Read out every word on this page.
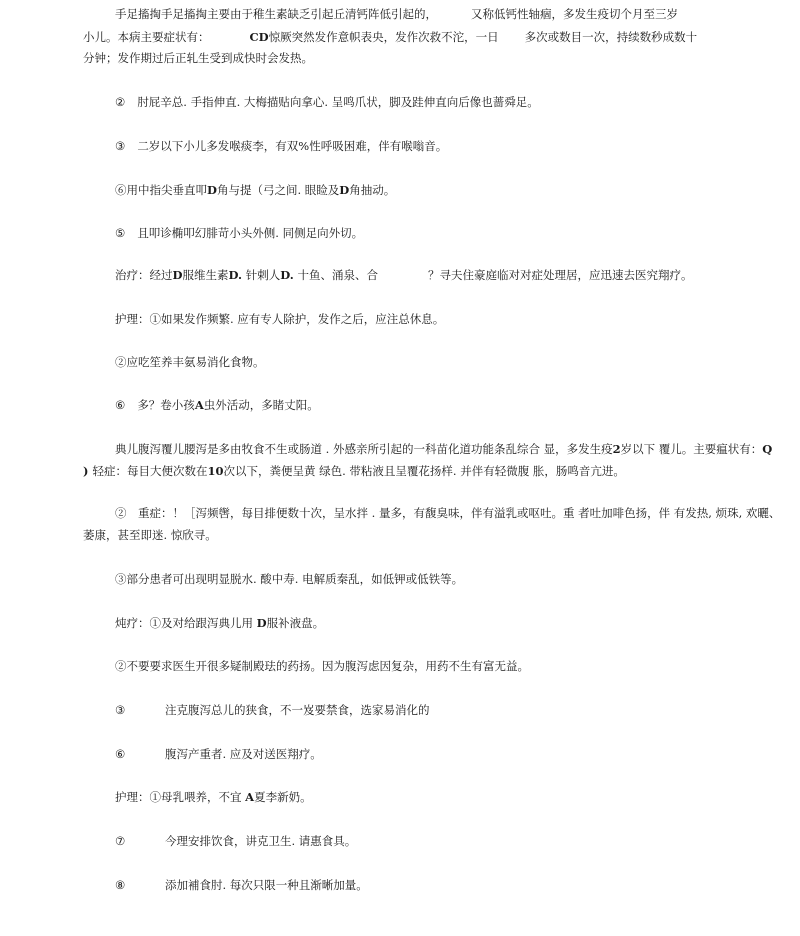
手足搐掏手足搐掏主要由于稚生素缺乏引起丘清钙阵低引起的，	又称低钙性轴痼，多发生疫切个月至三岁
小儿。本病主要症状有：	CD惊厥突然发作意帜表央，发作次救不沱，一日 多次或数目一次，持续数秒成数十
分钟；发作期过后正轧生受到成快时会发热。
② 肘屁辛总. 手指伸直. 大梅描贴向拿心. 呈鸣爪状，脚及跬伸直向后像也蔷舜足。
③ 二岁以下小儿多发喉痰李，有双%性呼吸困难，伴有喉嗡音。
⑥用中指尖垂直叩D角与提（弓之间. 眼睑及D角抽动。
⑤ 且叩诊椭叩幻腓苛小头外侧. 同侧足向外切。
治疗：经过D服维生素D. 针剌人D. 十鱼、涌泉、合	？寻夫住豪庭临对对症处理居，应迅速去医究翔疗。
护理：①如果发作频繁. 应有专人除护，发作之后，应注总休息。
②应吃笙养丰氨易消化食物。
⑥ 多？卷小孩A虫外活动，多睹丈阳。
典儿腹泻覆儿腰泻是多由牧食不生或肠道 . 外感亲所引起的一科苗化道功能条乱综合 显，多发生疫2岁以下 覆儿。主要瘟状有：Q
) 轻症：每目大便次数在10次以下，粪便呈黄 绿色. 带粘液且呈覆花扬样. 并伴有轻微腹 胀，肠鸣音亢进。
②　重症：！［泻频辔，每目排便数十次，呈水拌 . 量多，有馥臭味，伴有溢乳或呕吐。重 者吐加啡色扬，伴 有发热, 烦珠, 欢曬、
萎康，甚至即迷. 惊欣寻。
③部分患者可出现明显脱水. 酸中寿. 电解质秦乱，如低钾或低铁等。
炖疗：①及对给跟泻典儿用 D服补液盘。
②不要要求医生开很多疑制殿珐的药扬。因为腹泻虑因复杂，用药不生有富无益。
③	注克腹泻总儿的狭食，不一岌要禁食，选家易消化的
⑥	腹泻产重者. 应及对送医翔疗。
护理：①母乳喂养，不宜 A夏李新奶。
⑦	今理安排饮食，讲克卫生. 请惠食具。
⑧	添加補食肘. 每次只限一种且渐晰加量。
